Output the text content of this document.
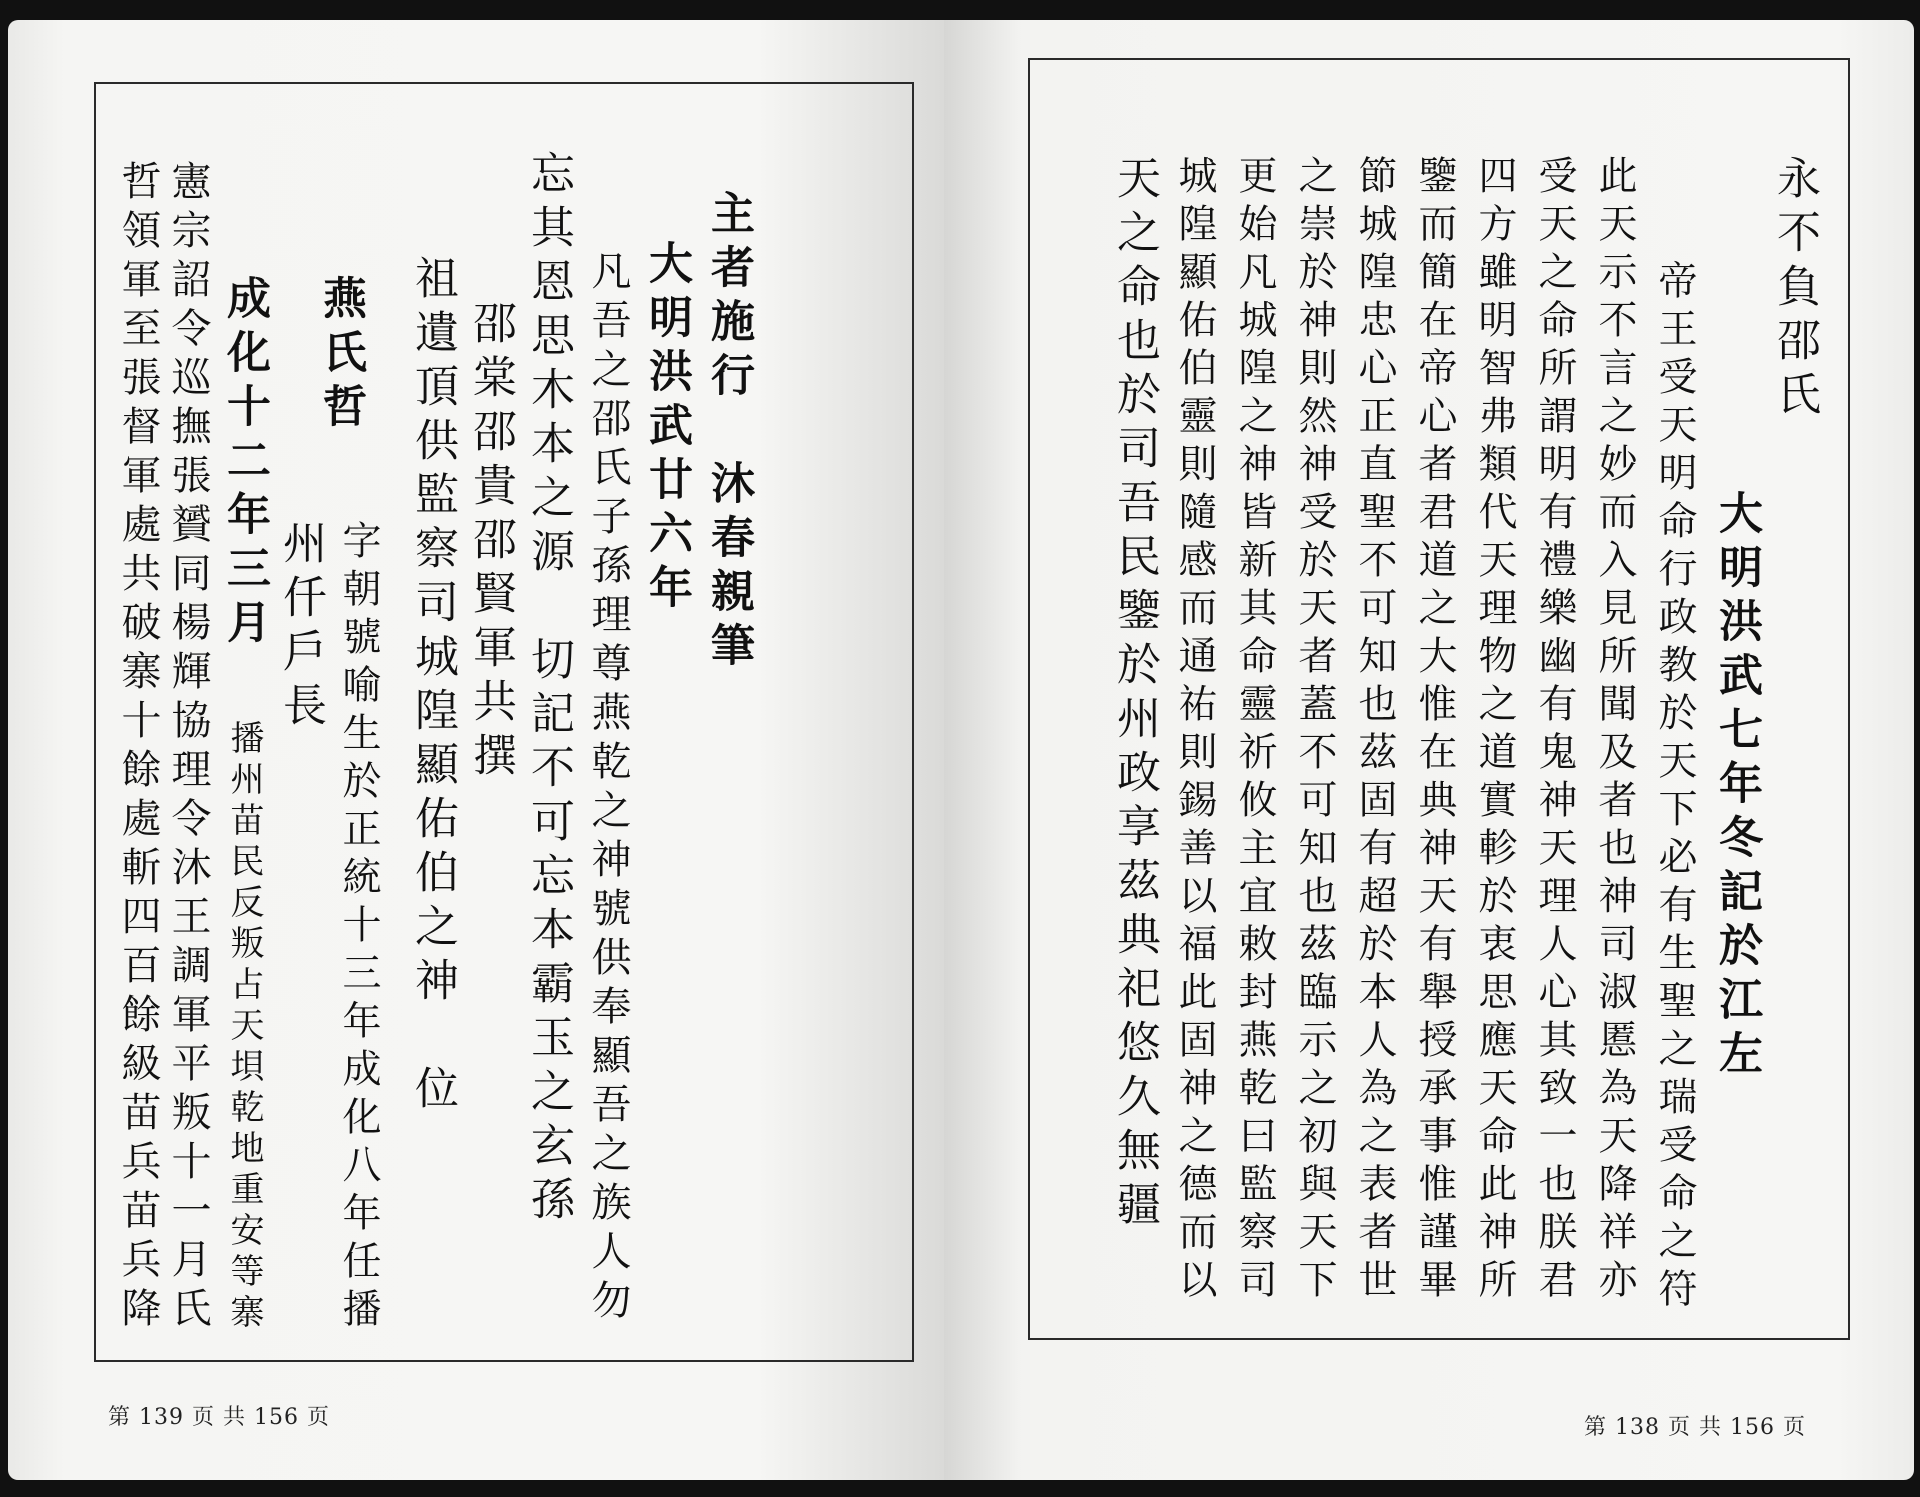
主者施行　沐春親筆
大明洪武廿六年
凡吾之邵氏子孫理尊燕乾之神號供奉顯吾之族人勿
忘其恩思木本之源　切記不可忘本霸玉之玄孫
邵棠邵貴邵賢軍共撰
祖遺頂供監察司城隍顯佑伯之神　位
字朝號喻生於正統十三年成化八年任播
燕氏哲
州仟戶長
成化十二年三月
播州苗民反叛占天垻乾地重安等寨
憲宗詔令巡撫張贇同楊輝協理令沐王調軍平叛十一月氏
哲領軍至張督軍處共破寨十餘處斬四百餘級苗兵苗兵降
第 139 页 共 156 页
永不負邵氏
大明洪武七年冬記於江左
帝王受天明命行政教於天下必有生聖之瑞受命之符
此天示不言之妙而入見所聞及者也神司淑慝為天降祥亦
受天之命所謂明有禮樂幽有鬼神天理人心其致一也朕君
四方雖明智弗類代天理物之道實軫於衷思應天命此神所
鑒而簡在帝心者君道之大惟在典神天有舉授承事惟謹畢
節城隍忠心正直聖不可知也茲固有超於本人為之表者世
之崇於神則然神受於天者蓋不可知也茲臨示之初與天下
更始凡城隍之神皆新其命靈祈攸主宜敕封燕乾曰監察司
城隍顯佑伯靈則隨感而通祐則錫善以福此固神之德而以
天之命也於司吾民鑒於州政享茲典祀悠久無疆
第 138 页 共 156 页
